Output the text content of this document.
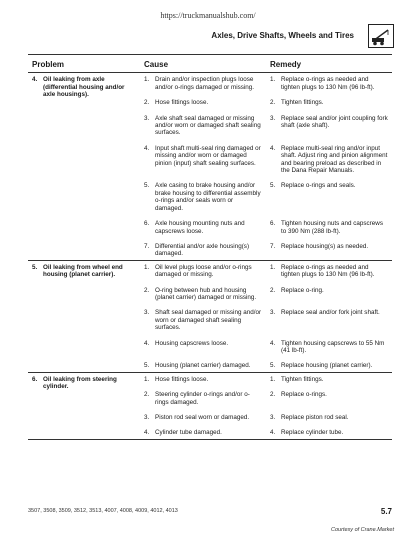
https://truckmanualshub.com/
Axles, Drive Shafts, Wheels and Tires
Problem	Cause	Remedy

4. Oil leaking from axle (differential housing and/or axle housings).	1. Drain and/or inspection plugs loose and/or o-rings damaged or missing.	1. Replace o-rings as needed and tighten plugs to 130 Nm (96 lb-ft).

	2. Hose fittings loose.	2. Tighten fittings.

	3. Axle shaft seal damaged or missing and/or worn or damaged shaft sealing surfaces.	3. Replace seal and/or joint coupling fork shaft (axle shaft).

	4. Input shaft multi-seal ring damaged or missing and/or worn or damaged pinion (input) shaft sealing surfaces.	4. Replace multi-seal ring and/or input shaft. Adjust ring and pinion alignment and bearing preload as described in the Dana Repair Manuals.

	5. Axle casing to brake housing and/or brake housing to differential assembly o-rings and/or seals worn or damaged.	5. Replace o-rings and seals.

	6. Axle housing mounting nuts and capscrews loose.	6. Tighten housing nuts and capscrews to 390 Nm (288 lb-ft).

	7. Differential and/or axle housing(s) damaged.	7. Replace housing(s) as needed.

5. Oil leaking from wheel end housing (planet carrier).	1. Oil level plugs loose and/or o-rings damaged or missing.	1. Replace o-rings as needed and tighten plugs to 130 Nm (96 lb-ft).

	2. O-ring between hub and housing (planet carrier) damaged or missing.	2. Replace o-ring.

	3. Shaft seal damaged or missing and/or worn or damaged shaft sealing surfaces.	3. Replace seal and/or fork joint shaft.

	4. Housing capscrews loose.	4. Tighten housing capscrews to 55 Nm (41 lb-ft).

	5. Housing (planet carrier) damaged.	5. Replace housing (planet carrier).

6. Oil leaking from steering cylinder.	1. Hose fittings loose.	1. Tighten fittings.

	2. Steering cylinder o-rings and/or o-rings damaged.	2. Replace o-rings.

	3. Piston rod seal worn or damaged.	3. Replace piston rod seal.

	4. Cylinder tube damaged.	4. Replace cylinder tube.
3507, 3508, 3509, 3512, 3513, 4007, 4008, 4009, 4012, 4013	5.7
Courtesy of Crane.Market
